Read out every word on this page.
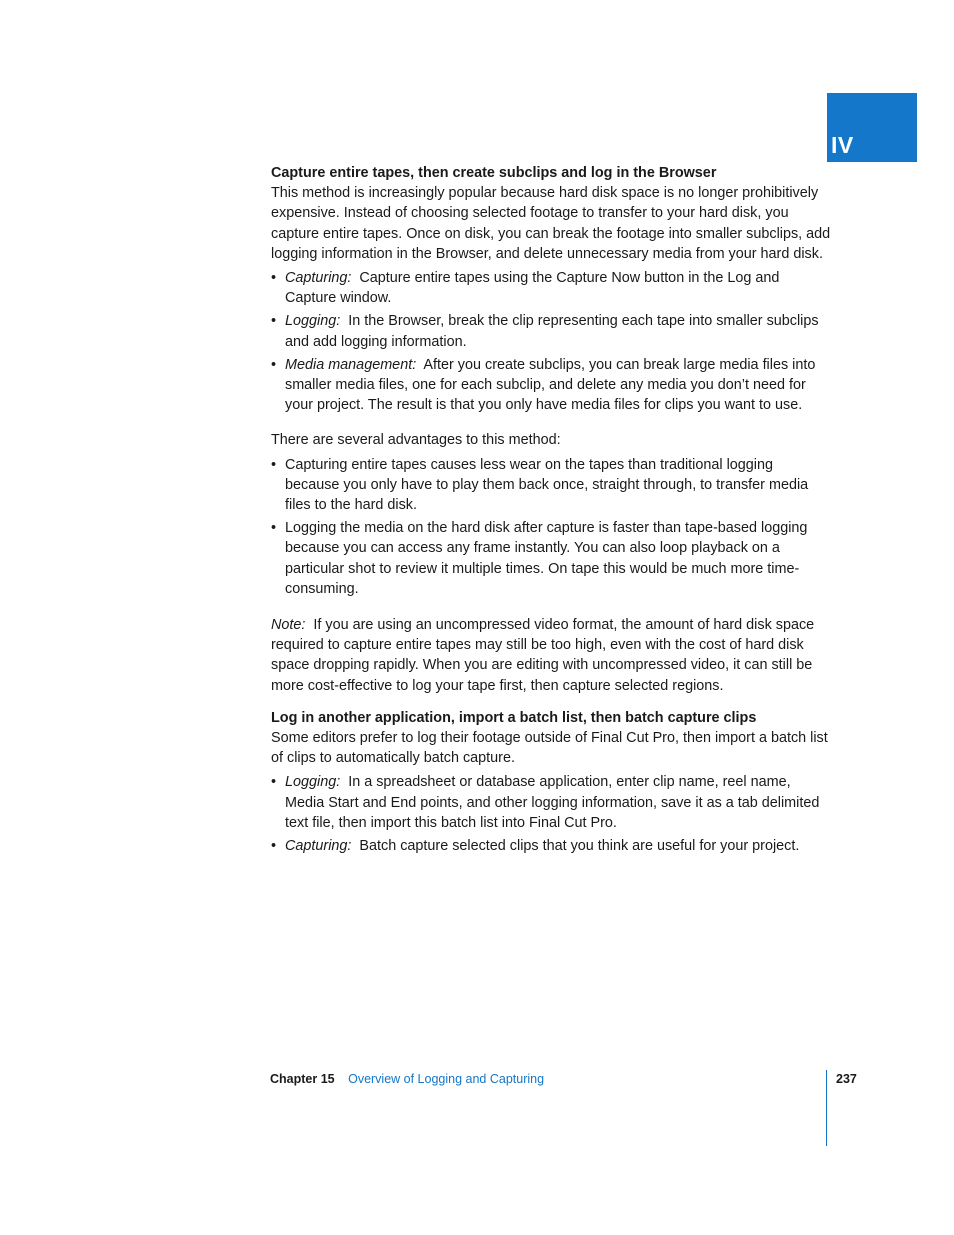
IV

Capture entire tapes, then create subclips and log in the Browser

This method is increasingly popular because hard disk space is no longer prohibitively expensive. Instead of choosing selected footage to transfer to your hard disk, you capture entire tapes. Once on disk, you can break the footage into smaller subclips, add logging information in the Browser, and delete unnecessary media from your hard disk.

• Capturing: Capture entire tapes using the Capture Now button in the Log and Capture window.
• Logging: In the Browser, break the clip representing each tape into smaller subclips and add logging information.
• Media management: After you create subclips, you can break large media files into smaller media files, one for each subclip, and delete any media you don’t need for your project. The result is that you only have media files for clips you want to use.

There are several advantages to this method:

• Capturing entire tapes causes less wear on the tapes than traditional logging because you only have to play them back once, straight through, to transfer media files to the hard disk.
• Logging the media on the hard disk after capture is faster than tape-based logging because you can access any frame instantly. You can also loop playback on a particular shot to review it multiple times. On tape this would be much more time-consuming.

Note: If you are using an uncompressed video format, the amount of hard disk space required to capture entire tapes may still be too high, even with the cost of hard disk space dropping rapidly. When you are editing with uncompressed video, it can still be more cost-effective to log your tape first, then capture selected regions.

Log in another application, import a batch list, then batch capture clips

Some editors prefer to log their footage outside of Final Cut Pro, then import a batch list of clips to automatically batch capture.

• Logging: In a spreadsheet or database application, enter clip name, reel name, Media Start and End points, and other logging information, save it as a tab delimited text file, then import this batch list into Final Cut Pro.
• Capturing: Batch capture selected clips that you think are useful for your project.
Chapter 15 Overview of Logging and Capturing	237
